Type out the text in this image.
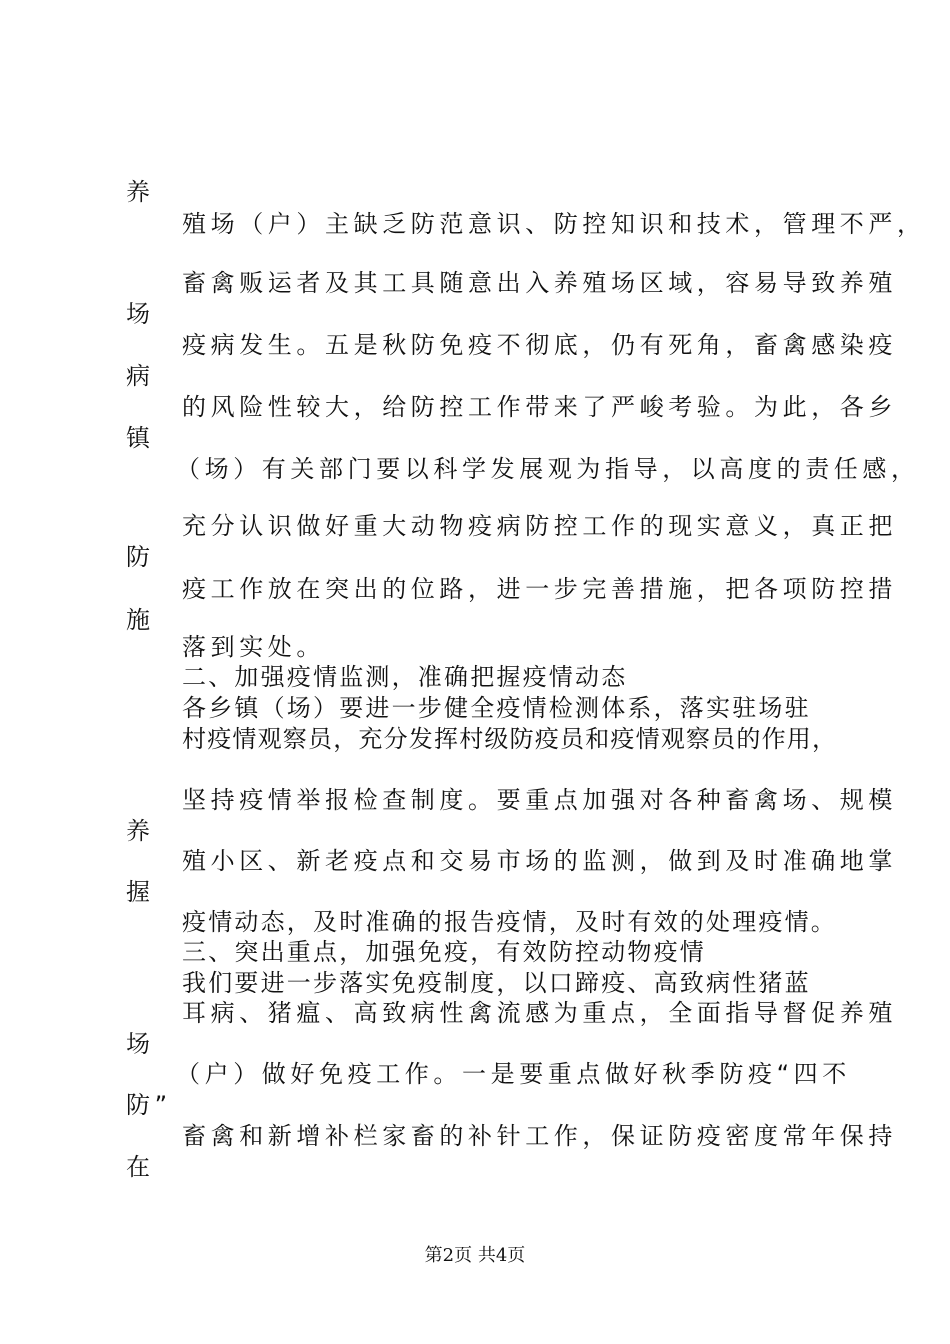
养
殖场（户）主缺乏防范意识、防控知识和技术，管理不严，
畜禽贩运者及其工具随意出入养殖场区域，容易导致养殖
场
疫病发生。五是秋防免疫不彻底，仍有死角，畜禽感染疫
病
的风险性较大，给防控工作带来了严峻考验。为此，各乡
镇
（场）有关部门要以科学发展观为指导，以高度的责任感，
充分认识做好重大动物疫病防控工作的现实意义，真正把
防
疫工作放在突出的位路，进一步完善措施，把各项防控措
施
落到实处。
二、加强疫情监测，准确把握疫情动态
各乡镇（场）要进一步健全疫情检测体系，落实驻场驻
村疫情观察员，充分发挥村级防疫员和疫情观察员的作用，
坚持疫情举报检查制度。要重点加强对各种畜禽场、规模
养
殖小区、新老疫点和交易市场的监测，做到及时准确地掌
握
疫情动态，及时准确的报告疫情，及时有效的处理疫情。
三、突出重点，加强免疫，有效防控动物疫情
我们要进一步落实免疫制度，以口蹄疫、高致病性猪蓝
耳病、猪瘟、高致病性禽流感为重点，全面指导督促养殖
场
（户）做好免疫工作。一是要重点做好秋季防疫“四不
防”
畜禽和新增补栏家畜的补针工作，保证防疫密度常年保持
在
第2页 共4页
